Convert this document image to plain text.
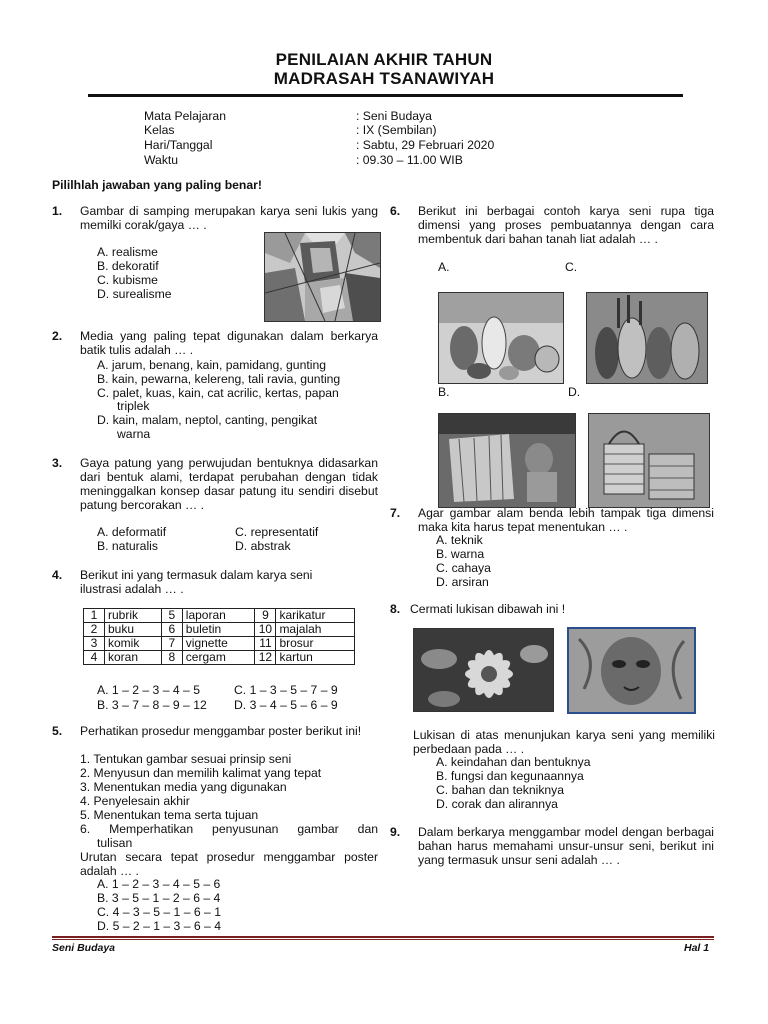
PENILAIAN AKHIR TAHUN
MADRASAH TSANAWIYAH
Mata Pelajaran	: Seni Budaya
Kelas	: IX (Sembilan)
Hari/Tanggal	: Sabtu, 29 Februari 2020
Waktu	: 09.30 – 11.00 WIB
Pililhlah jawaban yang paling benar!
1. Gambar di samping merupakan karya seni lukis yang memilki corak/gaya … .
A. realisme
B. dekoratif
C. kubisme
D. surealisme
2. Media yang paling tepat digunakan dalam berkarya batik tulis adalah … .
A. jarum, benang, kain, pamidang, gunting
B. kain, pewarna, kelereng, tali ravia, gunting
C. palet, kuas, kain, cat acrilic, kertas, papan
triplek
D. kain, malam, neptol, canting, pengikat
warna
3. Gaya patung yang perwujudan bentuknya didasarkan dari bentuk alami, terdapat perubahan dengan tidak meninggalkan konsep dasar patung itu sendiri disebut patung bercorakan … .
A. deformatif	C. representatif
B. naturalis	D. abstrak
4. Berikut ini yang termasuk dalam karya seni ilustrasi adalah … .
1	rubrik	5	laporan	9	karikatur
2	buku	6	buletin	10	majalah
3	komik	7	vignette	11	brosur
4	koran	8	cergam	12	kartun
A. 1 – 2 – 3 – 4 – 5	C. 1 – 3 – 5 – 7 – 9
B. 3 – 7 – 8 – 9 – 12 D. 3 – 4 – 5 – 6 – 9
5. Perhatikan prosedur menggambar poster berikut ini!
1. Tentukan gambar sesuai prinsip seni
2. Menyusun dan memilih kalimat yang tepat
3. Menentukan media yang digunakan
4. Penyelesain akhir
5. Menentukan tema serta tujuan
6. Memperhatikan penyusunan gambar dan
tulisan
Urutan secara tepat prosedur menggambar poster adalah … .
A. 1 – 2 – 3 – 4 – 5 – 6
B. 3 – 5 – 1 – 2 – 6 – 4
C. 4 – 3 – 5 – 1 – 6 – 1
D. 5 – 2 – 1 – 3 – 6 – 4
6. Berikut ini berbagai contoh karya seni rupa tiga dimensi yang proses pembuatannya dengan cara membentuk dari bahan tanah liat adalah … .
A.	C.
B.	D.
7. Agar gambar alam benda lebih tampak tiga dimensi maka kita harus tepat menentukan … .
A. teknik
B. warna
C. cahaya
D. arsiran
8. Cermati lukisan dibawah ini !
Lukisan di atas menunjukan karya seni yang memiliki perbedaan pada … .
A. keindahan dan bentuknya
B. fungsi dan kegunaannya
C. bahan dan tekniknya
D. corak dan alirannya
9. Dalam berkarya menggambar model dengan berbagai bahan harus memahami unsur-unsur seni, berikut ini yang termasuk unsur seni adalah … .
Seni Budaya	Hal 1
